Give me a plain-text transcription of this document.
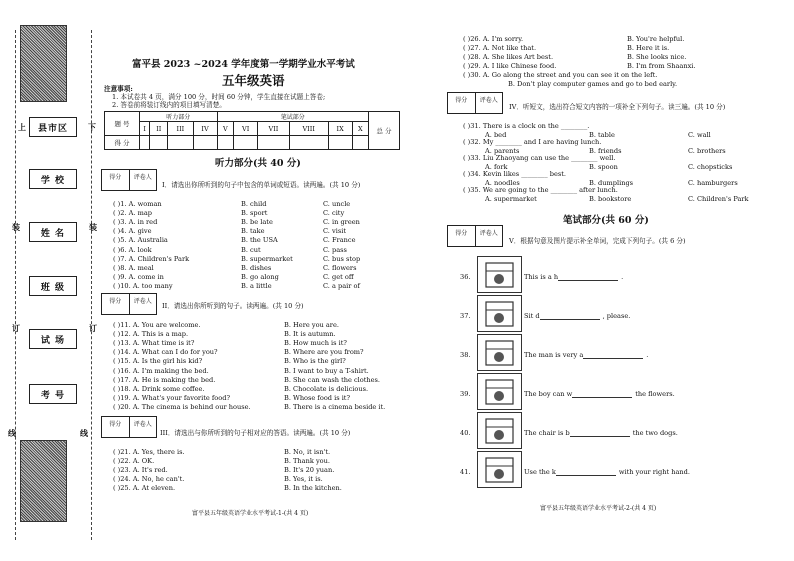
上	下
装	装
订	订
线	线
县市区
学 校
姓 名
班 级
试 场
考 号
富平县 2023 ~2024 学年度第一学期学业水平考试
五年级英语
注意事项:
1. 本试卷共 4 页，满分 100 分，时间 60 分钟，学生直接在试题上答卷;
2. 答卷前将装订线内的项目填写清楚。
题 号	听力部分				笔试部分						总 分
	I	II	III	IV	V	VI	VII	VIII	IX	X	
得 分											
听力部分(共 40 分)
得分	评卷人
I．请选出你所听到的句子中包含的单词或短语。读两遍。(共 10 分)
( )1. A. woman	B. child	C. uncle
( )2. A. map	B. sport	C. city
( )3. A. in red	B. be late	C. in green
( )4. A. give	B. take	C. visit
( )5. A. Australia	B. the USA	C. France
( )6. A. look	B. cut	C. pass
( )7. A. Children's Park	B. supermarket	C. bus stop
( )8. A. meal	B. dishes	C. flowers
( )9. A. come in	B. go along	C. get off
( )10. A. too many	B. a little	C. a pair of
得分	评卷人
II．请选出你所听到的句子。读两遍。(共 10 分)
( )11. A. You are welcome.	B. Here you are.
( )12. A. This is a map.	B. It is autumn.
( )13. A. What time is it?	B. How much is it?
( )14. A. What can I do for you?	B. Where are you from?
( )15. A. Is the girl his kid?	B. Who is the girl?
( )16. A. I'm making the bed.	B. I want to buy a T-shirt.
( )17. A. He is making the bed.	B. She can wash the clothes.
( )18. A. Drink some coffee.	B. Chocolate is delicious.
( )19. A. What's your favorite food?	B. Whose food is it?
( )20. A. The cinema is behind our house.	B. There is a cinema beside it.
得分	评卷人
III．请选出与你所听到的句子相对应的答语。读两遍。(共 10 分)
( )21. A. Yes, there is.	B. No, it isn't.
( )22. A. OK.	B. Thank you.
( )23. A. It's red.	B. It's 20 yuan.
( )24. A. No, he can't.	B. Yes, it is.
( )25. A. At eleven.	B. In the kitchen.
富平县五年级英语学业水平考试-1-(共 4 页)
( )26. A. I'm sorry.	B. You're helpful.
( )27. A. Not like that.	B. Here it is.
( )28. A. She likes Art best.	B. She looks nice.
( )29. A. I like Chinese food.	B. I'm from Shaanxi.
( )30. A. Go along the street and you can see it on the left.
B. Don't play computer games and go to bed early.
得分	评卷人
IV．听短文，选出符合短文内容的一项补全下列句子。读三遍。(共 10 分)
( )31. There is a clock on the ________.
A. bed	B. table	C. wall
( )32. My ________ and I are having lunch.
A. parents	B. friends	C. brothers
( )33. Liu Zhaoyang can use the ________ well.
A. fork	B. spoon	C. chopsticks
( )34. Kevin likes ________ best.
A. noodles	B. dumplings	C. hamburgers
( )35. We are going to the ________ after lunch.
A. supermarket	B. bookstore	C. Children's Park
笔试部分(共 60 分)
得分	评卷人
V．根据句意及图片提示补全单词，完成下列句子。(共 6 分)
36.	This is a h	.
37.	Sit d	, please.
38.	The man is very a	.
39.	The boy can w	the flowers.
40.	The chair is b	the two dogs.
41.	Use the k	with your right hand.
富平县五年级英语学业水平考试-2-(共 4 页)
